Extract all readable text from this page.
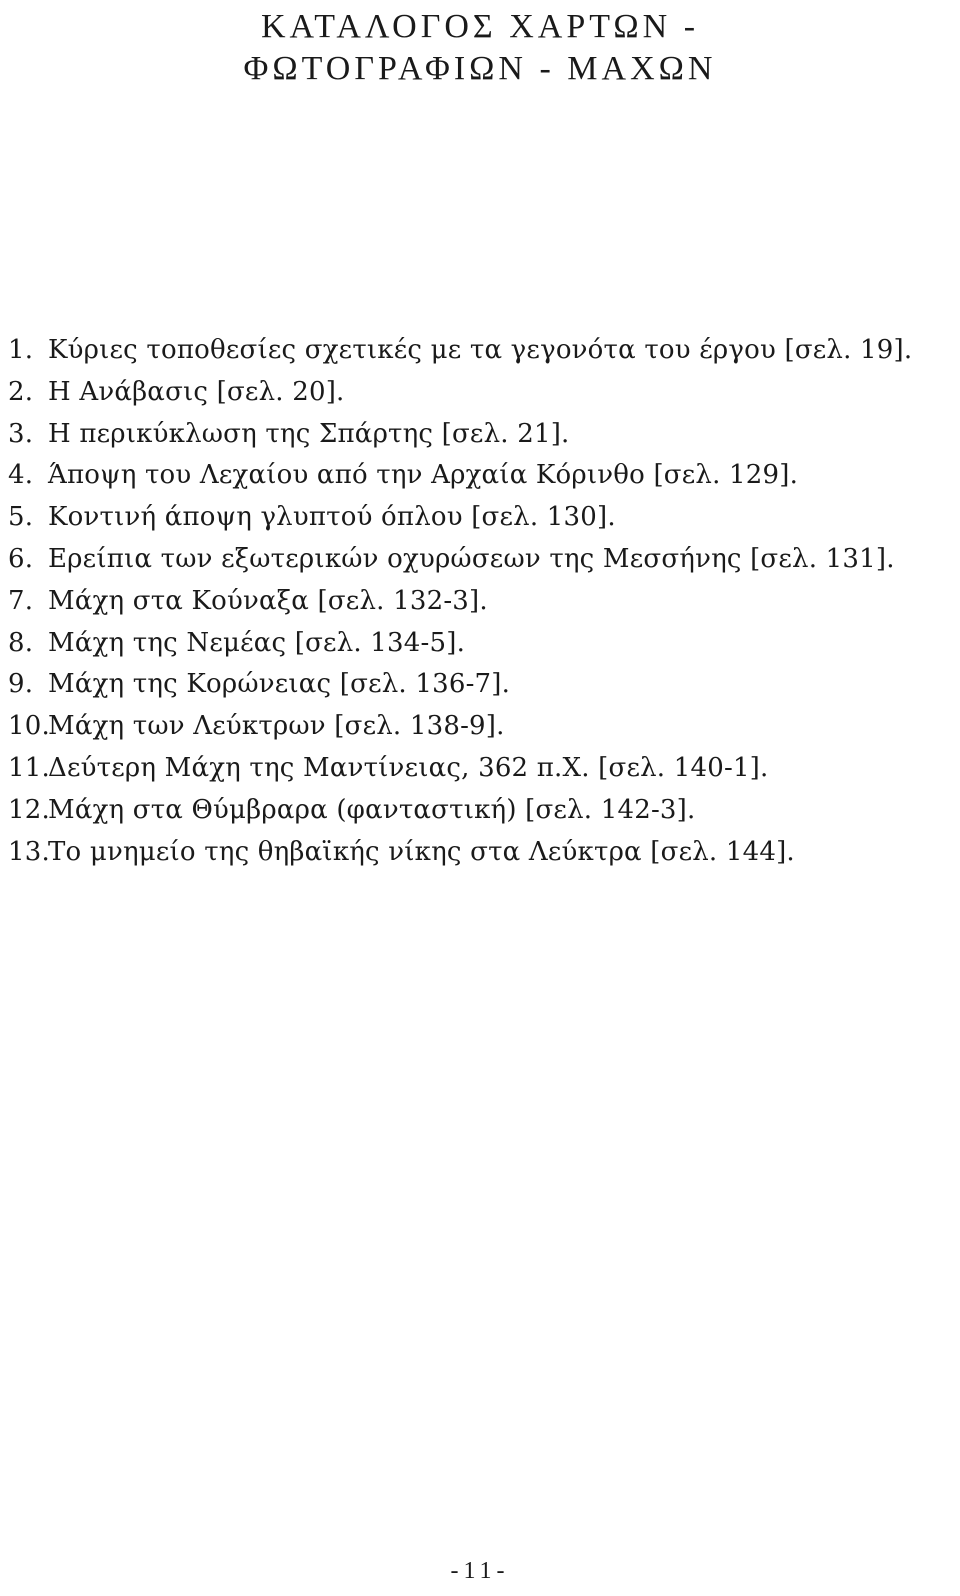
ΚΑΤΑΛΟΓΟΣ ΧΑΡΤΩΝ -
ΦΩΤΟΓΡΑΦΙΩΝ - ΜΑΧΩΝ
1. Κύριες τοποθεσίες σχετικές με τα γεγονότα του έργου [σελ. 19].
2. Η Ανάβασις [σελ. 20].
3. Η περικύκλωση της Σπάρτης [σελ. 21].
4. Άποψη του Λεχαίου από την Αρχαία Κόρινθο [σελ. 129].
5. Κοντινή άποψη γλυπτού όπλου [σελ. 130].
6. Ερείπια των εξωτερικών οχυρώσεων της Μεσσήνης [σελ. 131].
7. Μάχη στα Κούναξα [σελ. 132-3].
8. Μάχη της Νεμέας [σελ. 134-5].
9. Μάχη της Κορώνειας [σελ. 136-7].
10.Μάχη των Λεύκτρων [σελ. 138-9].
11.Δεύτερη Μάχη της Μαντίνειας, 362 π.Χ. [σελ. 140-1].
12.Μάχη στα Θύμβραρα (φανταστική) [σελ. 142-3].
13.Το μνημείο της θηβαϊκής νίκης στα Λεύκτρα [σελ. 144].
-11-
